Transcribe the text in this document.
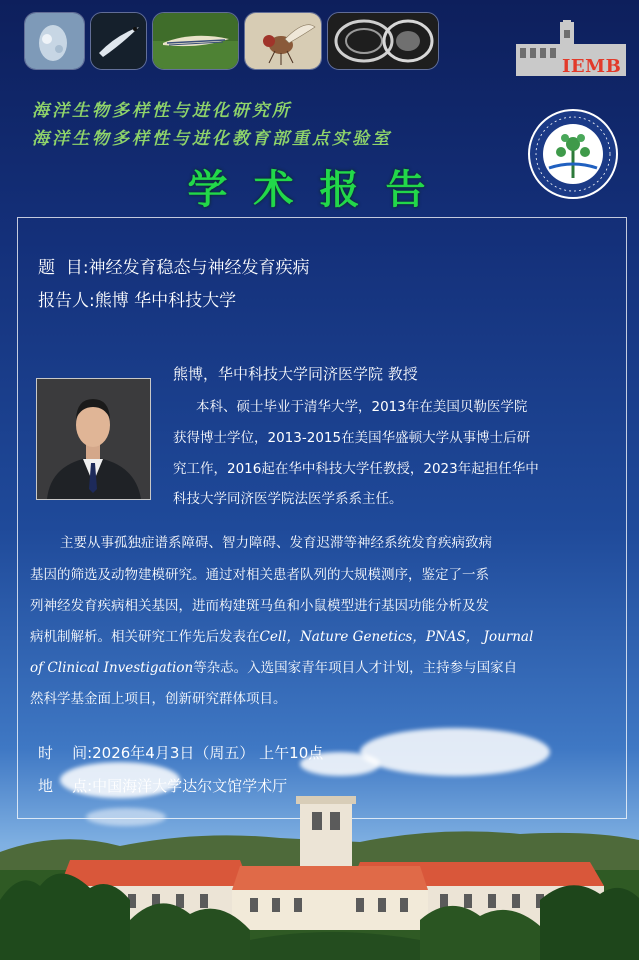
IEMB
海洋生物多样性与进化研究所
海洋生物多样性与进化教育部重点实验室
学术报告
题  目:神经发育稳态与神经发育疾病
报告人:熊博 华中科技大学
熊博，华中科技大学同济医学院 教授
本科、硕士毕业于清华大学，2013年在美国贝勒医学院
获得博士学位，2013-2015在美国华盛顿大学从事博士后研
究工作，2016起在华中科技大学任教授，2023年起担任华中
科技大学同济医学院法医学系系主任。
主要从事孤独症谱系障碍、智力障碍、发育迟滞等神经系统发育疾病致病
基因的筛选及动物建模研究。通过对相关患者队列的大规模测序，鉴定了一系
列神经发育疾病相关基因，进而构建斑马鱼和小鼠模型进行基因功能分析及发
病机制解析。相关研究工作先后发表在Cell，Nature Genetics，PNAS， Journal
of Clinical Investigation等杂志。入选国家青年项目人才计划，主持参与国家自
然科学基金面上项目，创新研究群体项目。
时    间:2026年4月3日（周五） 上午10点
地    点:中国海洋大学达尔文馆学术厅
